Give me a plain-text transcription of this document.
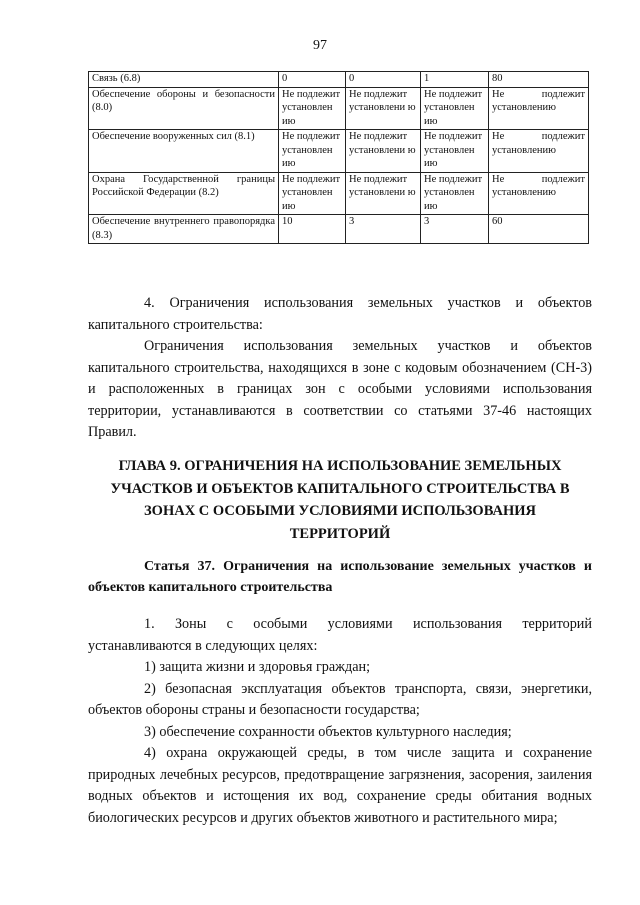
97
Связь (6.8)	0	0	1	80
Обеспечение обороны и безопасности (8.0)	Не подлежит установлен ию	Не подлежит установлени ю	Не подлежит установлен ию	Не подлежит установлению
Обеспечение вооруженных сил (8.1)	Не подлежит установлен ию	Не подлежит установлени ю	Не подлежит установлен ию	Не подлежит установлению
Охрана Государственной границы Российской Федерации (8.2)	Не подлежит установлен ию	Не подлежит установлени ю	Не подлежит установлен ию	Не подлежит установлению
Обеспечение внутреннего правопорядка (8.3)	10	3	3	60

4. Ограничения использования земельных участков и объектов капитального строительства:

Ограничения использования земельных участков и объектов капитального строительства, находящихся в зоне с кодовым обозначением (СН-3) и расположенных в границах зон с особыми условиями использования территории, устанавливаются в соответствии со статьями 37-46 настоящих Правил.

ГЛАВА 9. ОГРАНИЧЕНИЯ НА ИСПОЛЬЗОВАНИЕ ЗЕМЕЛЬНЫХ
УЧАСТКОВ И ОБЪЕКТОВ КАПИТАЛЬНОГО СТРОИТЕЛЬСТВА В
ЗОНАХ С ОСОБЫМИ УСЛОВИЯМИ ИСПОЛЬЗОВАНИЯ
ТЕРРИТОРИЙ
Статья 37. Ограничения на использование земельных участков и
объектов капитального строительства

1. Зоны с особыми условиями использования территорий устанавливаются в следующих целях:

1) защита жизни и здоровья граждан;

2) безопасная эксплуатация объектов транспорта, связи, энергетики, объектов обороны страны и безопасности государства;

3) обеспечение сохранности объектов культурного наследия;

4) охрана окружающей среды, в том числе защита и сохранение природных лечебных ресурсов, предотвращение загрязнения, засорения, заиления водных объектов и истощения их вод, сохранение среды обитания водных биологических ресурсов и других объектов животного и растительного мира;
